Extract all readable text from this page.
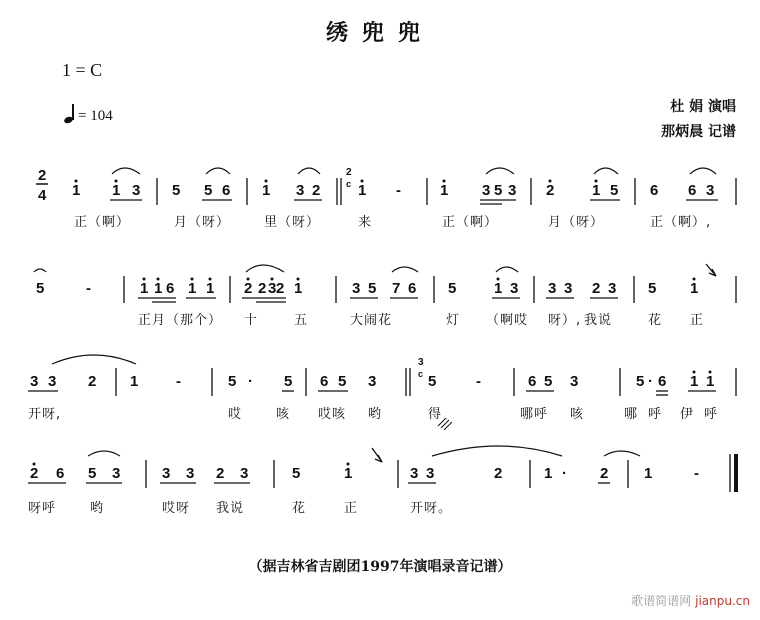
绣兜兜
1 = C
= 104
杜 娟 演唱
那炳晨 记谱
2
4 1 1 3 5 5 6 1 3 2
2
c 1 -	1 3 5 3 2	1 5 6 6 3
正（啊）	月（呀）	里（呀）	来	正（啊）	月（呀）	正（啊）,
5	-	1 1 6 1 1 2 2 3 2 1	3 5 7 6 5	1 3 3 3 2 3 5 1
正月（那个） 十	五	大闹花	灯 （啊哎 呀）, 我说	花 正
3 3 2 1	-	5 · 5 6 5 3
3
c 5	-	6 5 3	5 · 6 1 1
开呀,	哎	咳 哎咳 哟	得	哪呼 咳	哪 呼 伊 呼
2 6 5 3	3 3 2 3	5	1	3 3	2	1 · 2 1	-
呀呼	哟	哎呀 我说	花	正	开呀。
（据吉林省吉剧团1997年演唱录音记谱）
歌谱简谱网 jianpu.cn
